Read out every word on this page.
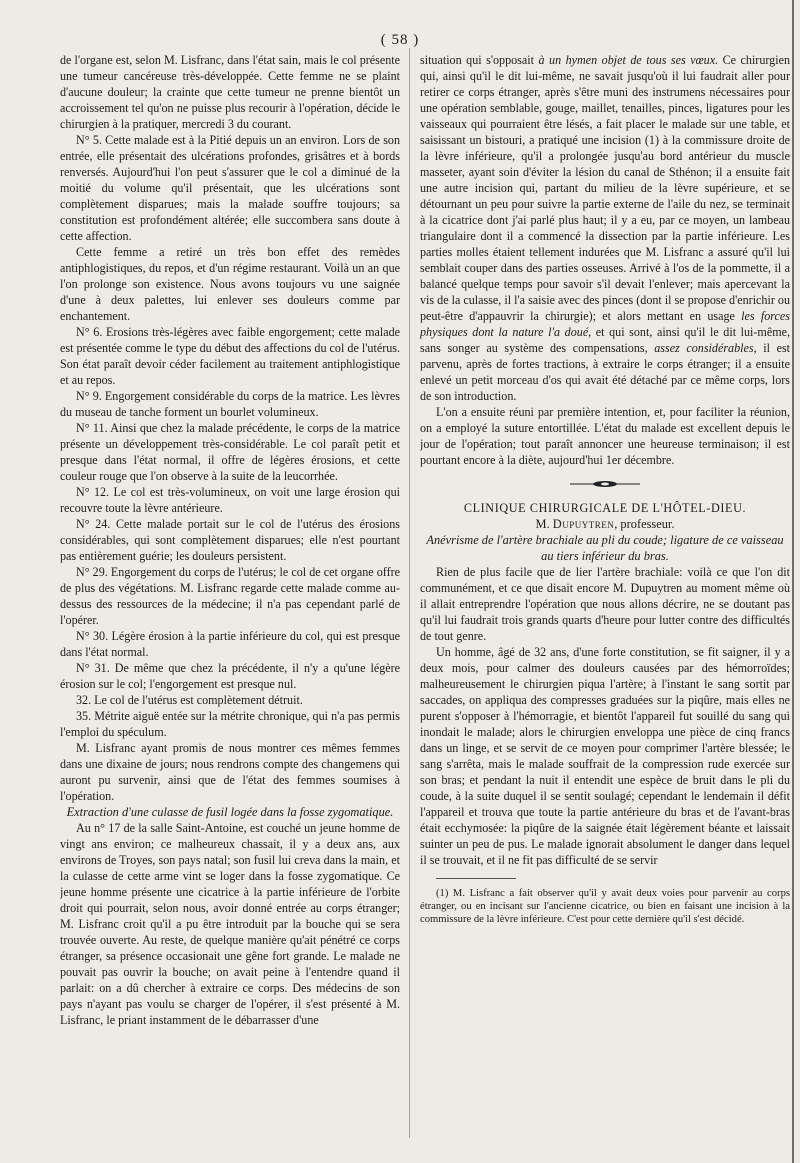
( 58 )

de l'organe est, selon M. Lisfranc, dans l'état sain, mais le col présente une tumeur cancéreuse très-développée. Cette femme ne se plaint d'aucune douleur; la crainte que cette tumeur ne prenne bientôt un accroissement tel qu'on ne puisse plus recourir à l'opération, décide le chirurgien à la pratiquer, mercredi 3 du courant.

N° 5. Cette malade est à la Pitié depuis un an environ. Lors de son entrée, elle présentait des ulcérations profondes, grisâtres et à bords renversés. Aujourd'hui l'on peut s'assurer que le col a diminué de la moitié du volume qu'il présentait, que les ulcérations sont complètement disparues; mais la malade souffre toujours; sa constitution est profondément altérée; elle succombera sans doute à cette affection.

Cette femme a retiré un très bon effet des remèdes antiphlogistiques, du repos, et d'un régime restaurant. Voilà un an que l'on prolonge son existence. Nous avons toujours vu une saignée d'une à deux palettes, lui enlever ses douleurs comme par enchantement.

N° 6. Erosions très-légères avec faible engorgement; cette malade est présentée comme le type du début des affections du col de l'utérus. Son état paraît devoir céder facilement au traitement antiphlogistique et au repos.

N° 9. Engorgement considérable du corps de la matrice. Les lèvres du museau de tanche forment un bourlet volumineux.

N° 11. Ainsi que chez la malade précédente, le corps de la matrice présente un développement très-considérable. Le col paraît petit et presque dans l'état normal, il offre de légères érosions, et cette couleur rouge que l'on observe à la suite de la leucorrhée.

N° 12. Le col est très-volumineux, on voit une large érosion qui recouvre toute la lèvre antérieure.

N° 24. Cette malade portait sur le col de l'utérus des érosions considérables, qui sont complètement disparues; elle n'est pourtant pas entièrement guérie; les douleurs persistent.

N° 29. Engorgement du corps de l'utérus; le col de cet organe offre de plus des végétations. M. Lisfranc regarde cette malade comme au-dessus des ressources de la médecine; il n'a pas cependant parlé de l'opérer.

N° 30. Légère érosion à la partie inférieure du col, qui est presque dans l'état normal.

N° 31. De même que chez la précédente, il n'y a qu'une légère érosion sur le col; l'engorgement est presque nul.

32. Le col de l'utérus est complètement détruit.

35. Métrite aiguë entée sur la métrite chronique, qui n'a pas permis l'emploi du spéculum.

M. Lisfranc ayant promis de nous montrer ces mêmes femmes dans une dixaine de jours; nous rendrons compte des changemens qui auront pu survenir, ainsi que de l'état des femmes soumises à l'opération.

Extraction d'une culasse de fusil logée dans la fosse zygomatique.

Au n° 17 de la salle Saint-Antoine, est couché un jeune homme de vingt ans environ; ce malheureux chassait, il y a deux ans, aux environs de Troyes, son pays natal; son fusil lui creva dans la main, et la culasse de cette arme vint se loger dans la fosse zygomatique. Ce jeune homme présente une cicatrice à la partie inférieure de l'orbite droit qui pourrait, selon nous, avoir donné entrée au corps étranger; M. Lisfranc croit qu'il a pu être introduit par la bouche qui se sera trouvée ouverte. Au reste, de quelque manière qu'ait pénétré ce corps étranger, sa présence occasionait une gêne fort grande. Le malade ne pouvait pas ouvrir la bouche; on avait peine à l'entendre quand il parlait: on a dû chercher à extraire ce corps. Des médecins de son pays n'ayant pas voulu se charger de l'opérer, il s'est présenté à M. Lisfranc, le priant instamment de le débarrasser d'une

situation qui s'opposait à un hymen objet de tous ses vœux. Ce chirurgien qui, ainsi qu'il le dit lui-même, ne savait jusqu'où il lui faudrait aller pour retirer ce corps étranger, après s'être muni des instrumens nécessaires pour une opération semblable, gouge, maillet, tenailles, pinces, ligatures pour les vaisseaux qui pourraient être lésés, a fait placer le malade sur une table, et saisissant un bistouri, a pratiqué une incision (1) à la commissure droite de la lèvre inférieure, qu'il a prolongée jusqu'au bord antérieur du muscle masseter, ayant soin d'éviter la lésion du canal de Sthénon; il a ensuite fait une autre incision qui, partant du milieu de la lèvre supérieure, et se détournant un peu pour suivre la partie externe de l'aile du nez, se terminait à la cicatrice dont j'ai parlé plus haut; il y a eu, par ce moyen, un lambeau triangulaire dont il a commencé la dissection par la partie inférieure. Les parties molles étaient tellement indurées que M. Lisfranc a assuré qu'il lui semblait couper dans des parties osseuses. Arrivé à l'os de la pommette, il a balancé quelque temps pour savoir s'il devait l'enlever; mais apercevant la vis de la culasse, il l'a saisie avec des pinces (dont il se propose d'enrichir ou peut-être d'appauvrir la chirurgie); et alors mettant en usage les forces physiques dont la nature l'a doué, et qui sont, ainsi qu'il le dit lui-même, sans songer au système des compensations, assez considérables, il est parvenu, après de fortes tractions, à extraire le corps étranger; il a ensuite enlevé un petit morceau d'os qui avait été détaché par ce même corps, lors de son introduction.

L'on a ensuite réuni par première intention, et, pour faciliter la réunion, on a employé la suture entortillée. L'état du malade est excellent depuis le jour de l'opération; tout paraît annoncer une heureuse terminaison; il est pourtant encore à la diète, aujourd'hui 1er décembre.

CLINIQUE CHIRURGICALE DE L'HÔTEL-DIEU.

M. Dupuytren, professeur.

Anévrisme de l'artère brachiale au pli du coude; ligature de ce vaisseau au tiers inférieur du bras.

Rien de plus facile que de lier l'artère brachiale: voilà ce que l'on dit communément, et ce que disait encore M. Dupuytren au moment même où il allait entreprendre l'opération que nous allons décrire, ne se doutant pas qu'il lui faudrait trois grands quarts d'heure pour lutter contre des difficultés de tout genre.

Un homme, âgé de 32 ans, d'une forte constitution, se fit saigner, il y a deux mois, pour calmer des douleurs causées par des hémorroïdes; malheureusement le chirurgien piqua l'artère; à l'instant le sang sortit par saccades, on appliqua des compresses graduées sur la piqûre, mais elles ne purent s'opposer à l'hémorragie, et bientôt l'appareil fut souillé du sang qui inondait le malade; alors le chirurgien enveloppa une pièce de cinq francs dans un linge, et se servit de ce moyen pour comprimer l'artère blessée; le sang s'arrêta, mais le malade souffrait de la compression rude exercée sur son bras; et pendant la nuit il entendit une espèce de bruit dans le pli du coude, à la suite duquel il se sentit soulagé; cependant le lendemain il défit l'appareil et trouva que toute la partie antérieure du bras et de l'avant-bras était ecchymosée: la piqûre de la saignée était légèrement béante et laissait suinter un peu de pus. Le malade ignorait absolument le danger dans lequel il se trouvait, et il ne fit pas difficulté de se servir

(1) M. Lisfranc a fait observer qu'il y avait deux voies pour parvenir au corps étranger, ou en incisant sur l'ancienne cicatrice, ou bien en faisant une incision à la commissure de la lèvre inférieure. C'est pour cette dernière qu'il s'est décidé.
